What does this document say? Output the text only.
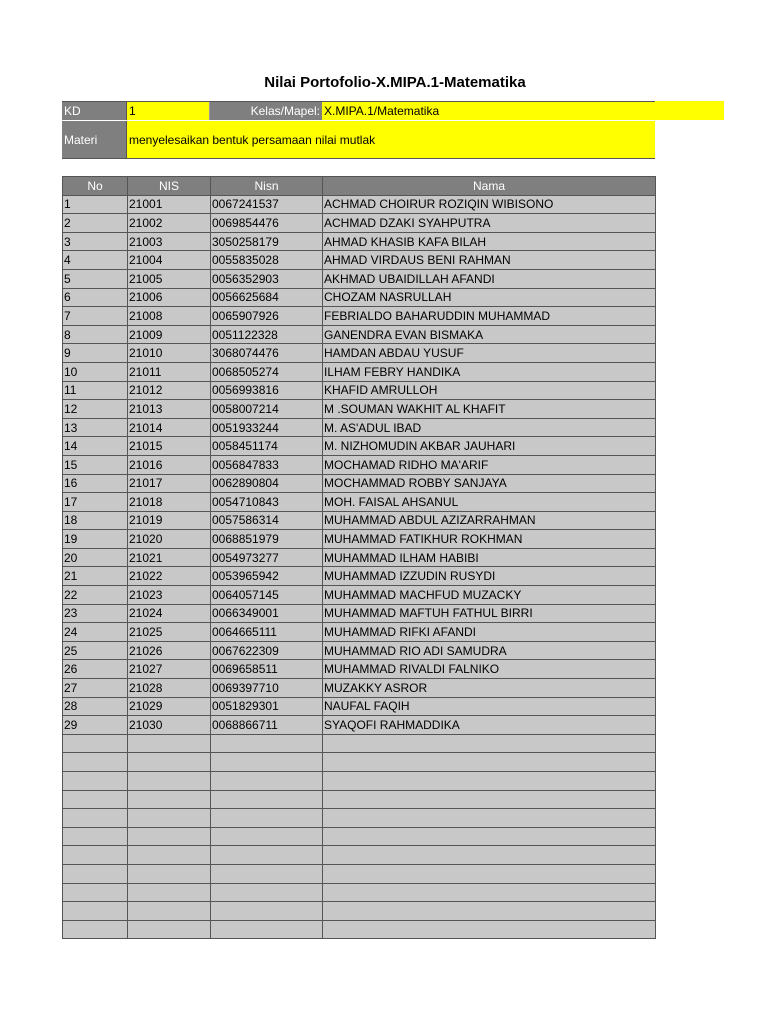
Nilai Portofolio-X.MIPA.1-Matematika
KD	1	Kelas/Mapel: X.MIPA.1/Matematika
Materi	menyelesaikan bentuk persamaan nilai mutlak
No	NIS	Nisn	Nama
1	21001	0067241537	ACHMAD CHOIRUR ROZIQIN WIBISONO
2	21002	0069854476	ACHMAD DZAKI SYAHPUTRA
3	21003	3050258179	AHMAD KHASIB KAFA BILAH
4	21004	0055835028	AHMAD VIRDAUS BENI RAHMAN
5	21005	0056352903	AKHMAD UBAIDILLAH AFANDI
6	21006	0056625684	CHOZAM NASRULLAH
7	21008	0065907926	FEBRIALDO BAHARUDDIN MUHAMMAD
8	21009	0051122328	GANENDRA EVAN BISMAKA
9	21010	3068074476	HAMDAN ABDAU YUSUF
10	21011	0068505274	ILHAM FEBRY HANDIKA
11	21012	0056993816	KHAFID AMRULLOH
12	21013	0058007214	M .SOUMAN WAKHIT AL KHAFIT
13	21014	0051933244	M. AS'ADUL IBAD
14	21015	0058451174	M. NIZHOMUDIN AKBAR JAUHARI
15	21016	0056847833	MOCHAMAD RIDHO MA'ARIF
16	21017	0062890804	MOCHAMMAD ROBBY SANJAYA
17	21018	0054710843	MOH. FAISAL AHSANUL
18	21019	0057586314	MUHAMMAD ABDUL AZIZARRAHMAN
19	21020	0068851979	MUHAMMAD FATIKHUR ROKHMAN
20	21021	0054973277	MUHAMMAD ILHAM HABIBI
21	21022	0053965942	MUHAMMAD IZZUDIN RUSYDI
22	21023	0064057145	MUHAMMAD MACHFUD MUZACKY
23	21024	0066349001	MUHAMMAD MAFTUH FATHUL BIRRI
24	21025	0064665111	MUHAMMAD RIFKI AFANDI
25	21026	0067622309	MUHAMMAD RIO ADI SAMUDRA
26	21027	0069658511	MUHAMMAD RIVALDI FALNIKO
27	21028	0069397710	MUZAKKY ASROR
28	21029	0051829301	NAUFAL FAQIH
29	21030	0068866711	SYAQOFI RAHMADDIKA
